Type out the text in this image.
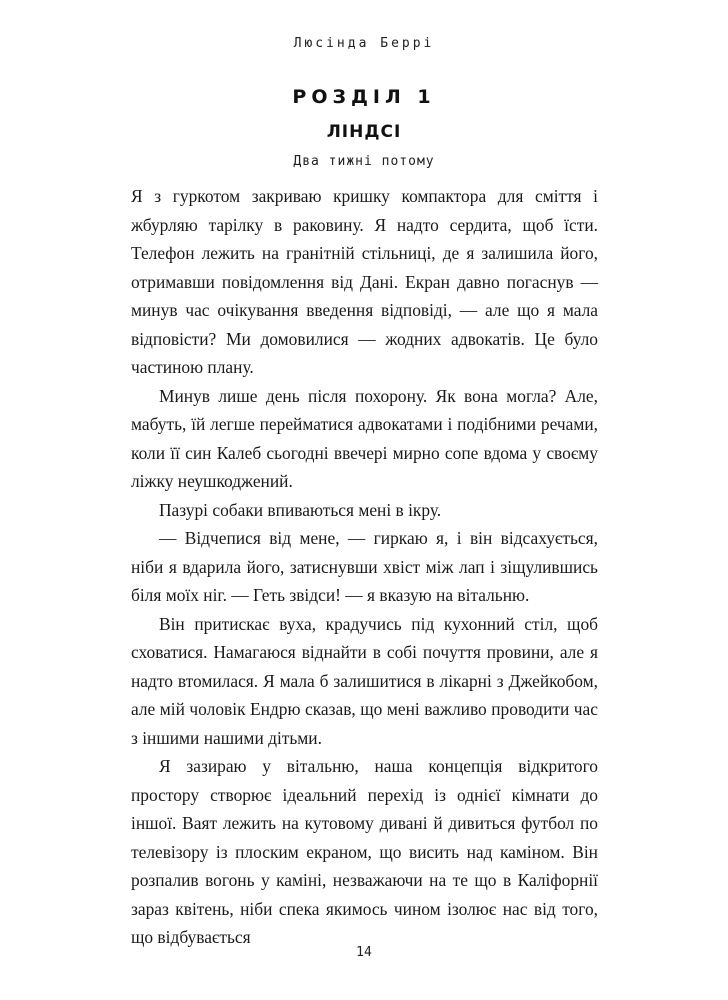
Люсінда Беррі
РОЗДІЛ 1
ЛІНДСІ
Два тижні потому

Я з гуркотом закриваю кришку компактора для сміття і жбурляю тарілку в раковину. Я надто сердита, щоб їсти. Телефон лежить на гранітній стільниці, де я залишила його, отримавши повідомлення від Дані. Екран давно погаснув — минув час очікування введення відповіді, — але що я мала відповісти? Ми домовилися — жодних адвокатів. Це було частиною плану.

Минув лише день після похорону. Як вона могла? Але, мабуть, їй легше перейматися адвокатами і подібними речами, коли її син Калеб сьогодні ввечері мирно сопе вдома у своєму ліжку неушкоджений.

Пазурі собаки впиваються мені в ікру.

— Відчепися від мене, — гиркаю я, і він відсахується, ніби я вдарила його, затиснувши хвіст між лап і зіщулившись біля моїх ніг. — Геть звідси! — я вказую на вітальню.

Він притискає вуха, крадучись під кухонний стіл, щоб сховатися. Намагаюся віднайти в собі почуття провини, але я надто втомилася. Я мала б залишитися в лікарні з Джейкобом, але мій чоловік Ендрю сказав, що мені важливо проводити час з іншими нашими дітьми.

Я зазираю у вітальню, наша концепція відкритого простору створює ідеальний перехід із однієї кімнати до іншої. Ваят лежить на кутовому дивані й дивиться футбол по телевізору із плоским екраном, що висить над каміном. Він розпалив вогонь у каміні, незважаючи на те що в Каліфорнії зараз квітень, ніби спека якимось чином ізолює нас від того, що відбувається

14
